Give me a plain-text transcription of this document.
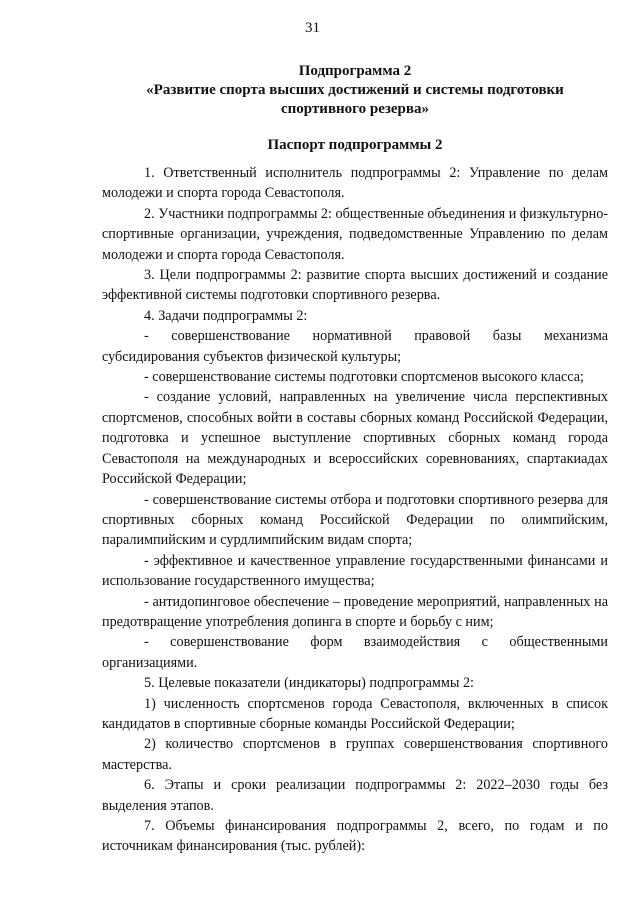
31
Подпрограмма 2
«Развитие спорта высших достижений и системы подготовки
спортивного резерва»
Паспорт подпрограммы 2

1. Ответственный исполнитель подпрограммы 2: Управление по делам молодежи и спорта города Севастополя.

2. Участники подпрограммы 2: общественные объединения и физкультурно-спортивные организации, учреждения, подведомственные Управлению по делам молодежи и спорта города Севастополя.

3. Цели подпрограммы 2: развитие спорта высших достижений и создание эффективной системы подготовки спортивного резерва.

4. Задачи подпрограммы 2:

- совершенствование нормативной правовой базы механизма субсидирования субъектов физической культуры;

- совершенствование системы подготовки спортсменов высокого класса;

- создание условий, направленных на увеличение числа перспективных спортсменов, способных войти в составы сборных команд Российской Федерации, подготовка и успешное выступление спортивных сборных команд города Севастополя на международных и всероссийских соревнованиях, спартакиадах Российской Федерации;

- совершенствование системы отбора и подготовки спортивного резерва для спортивных сборных команд Российской Федерации по олимпийским, паралимпийским и сурдлимпийским видам спорта;

- эффективное и качественное управление государственными финансами и использование государственного имущества;

- антидопинговое обеспечение – проведение мероприятий, направленных на предотвращение употребления допинга в спорте и борьбу с ним;

- совершенствование форм взаимодействия с общественными организациями.

5. Целевые показатели (индикаторы) подпрограммы 2:

1) численность спортсменов города Севастополя, включенных в список кандидатов в спортивные сборные команды Российской Федерации;

2) количество спортсменов в группах совершенствования спортивного мастерства.

6. Этапы и сроки реализации подпрограммы 2: 2022–2030 годы без выделения этапов.

7. Объемы финансирования подпрограммы 2, всего, по годам и по источникам финансирования (тыс. рублей):
